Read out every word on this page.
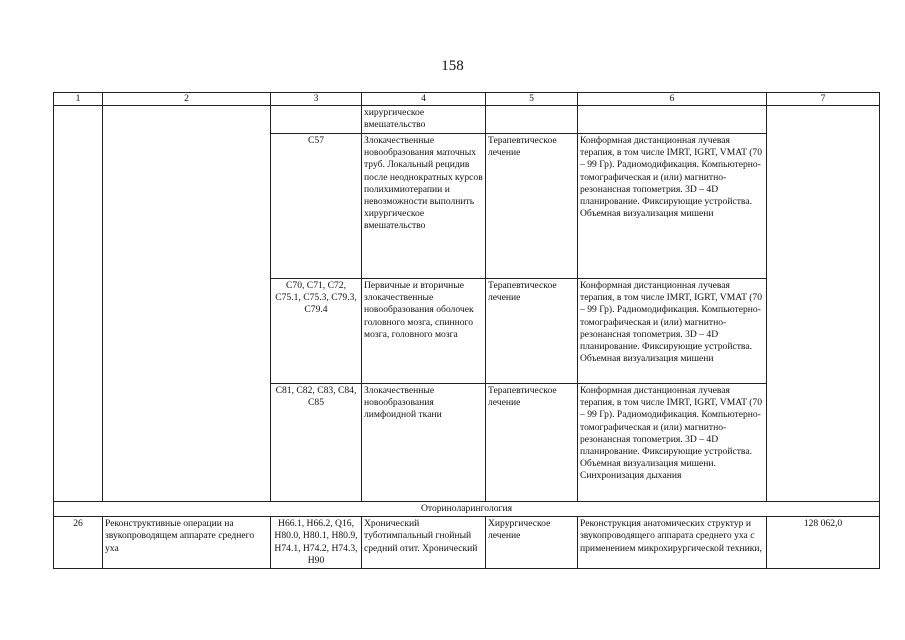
158
1	2	3	4	5	6	7
			хирургическое вмешательство			
		C57	Злокачественные новообразования маточных труб. Локальный рецидив после неоднократных курсов полихимиотерапии и невозможности выполнить хирургическое вмешательство	Терапевтическое лечение	Конформная дистанционная лучевая терапия, в том числе IMRT, IGRT, VMAT (70 – 99 Гр). Радиомодификация. Компьютерно-томографическая и (или) магнитно-резонансная топометрия. 3D – 4D планирование. Фиксирующие устройства. Объемная визуализация мишени	
		C70, C71, C72, C75.1, C75.3, C79.3, C79.4	Первичные и вторичные злокачественные новообразования оболочек головного мозга, спинного мозга, головного мозга	Терапевтическое лечение	Конформная дистанционная лучевая терапия, в том числе IMRT, IGRT, VMAT (70 – 99 Гр). Радиомодификация. Компьютерно-томографическая и (или) магнитно-резонансная топометрия. 3D – 4D планирование. Фиксирующие устройства. Объемная визуализация мишени	
		C81, C82, C83, C84, C85	Злокачественные новообразования лимфоидной ткани	Терапевтическое лечение	Конформная дистанционная лучевая терапия, в том числе IMRT, IGRT, VMAT (70 – 99 Гр). Радиомодификация. Компьютерно-томографическая и (или) магнитно-резонансная топометрия. 3D – 4D планирование. Фиксирующие устройства. Объемная визуализация мишени. Синхронизация дыхания	
Оториноларингология						
26	Реконструктивные операции на звукопроводящем аппарате среднего уха	H66.1, H66.2, Q16, H80.0, H80.1, H80.9, H74.1, H74.2, H74.3, H90	Хронический туботимпальный гнойный средний отит. Хронический	Хирургическое лечение	Реконструкция анатомических структур и звукопроводящего аппарата среднего уха с применением микрохирургической техники,	128 062,0
